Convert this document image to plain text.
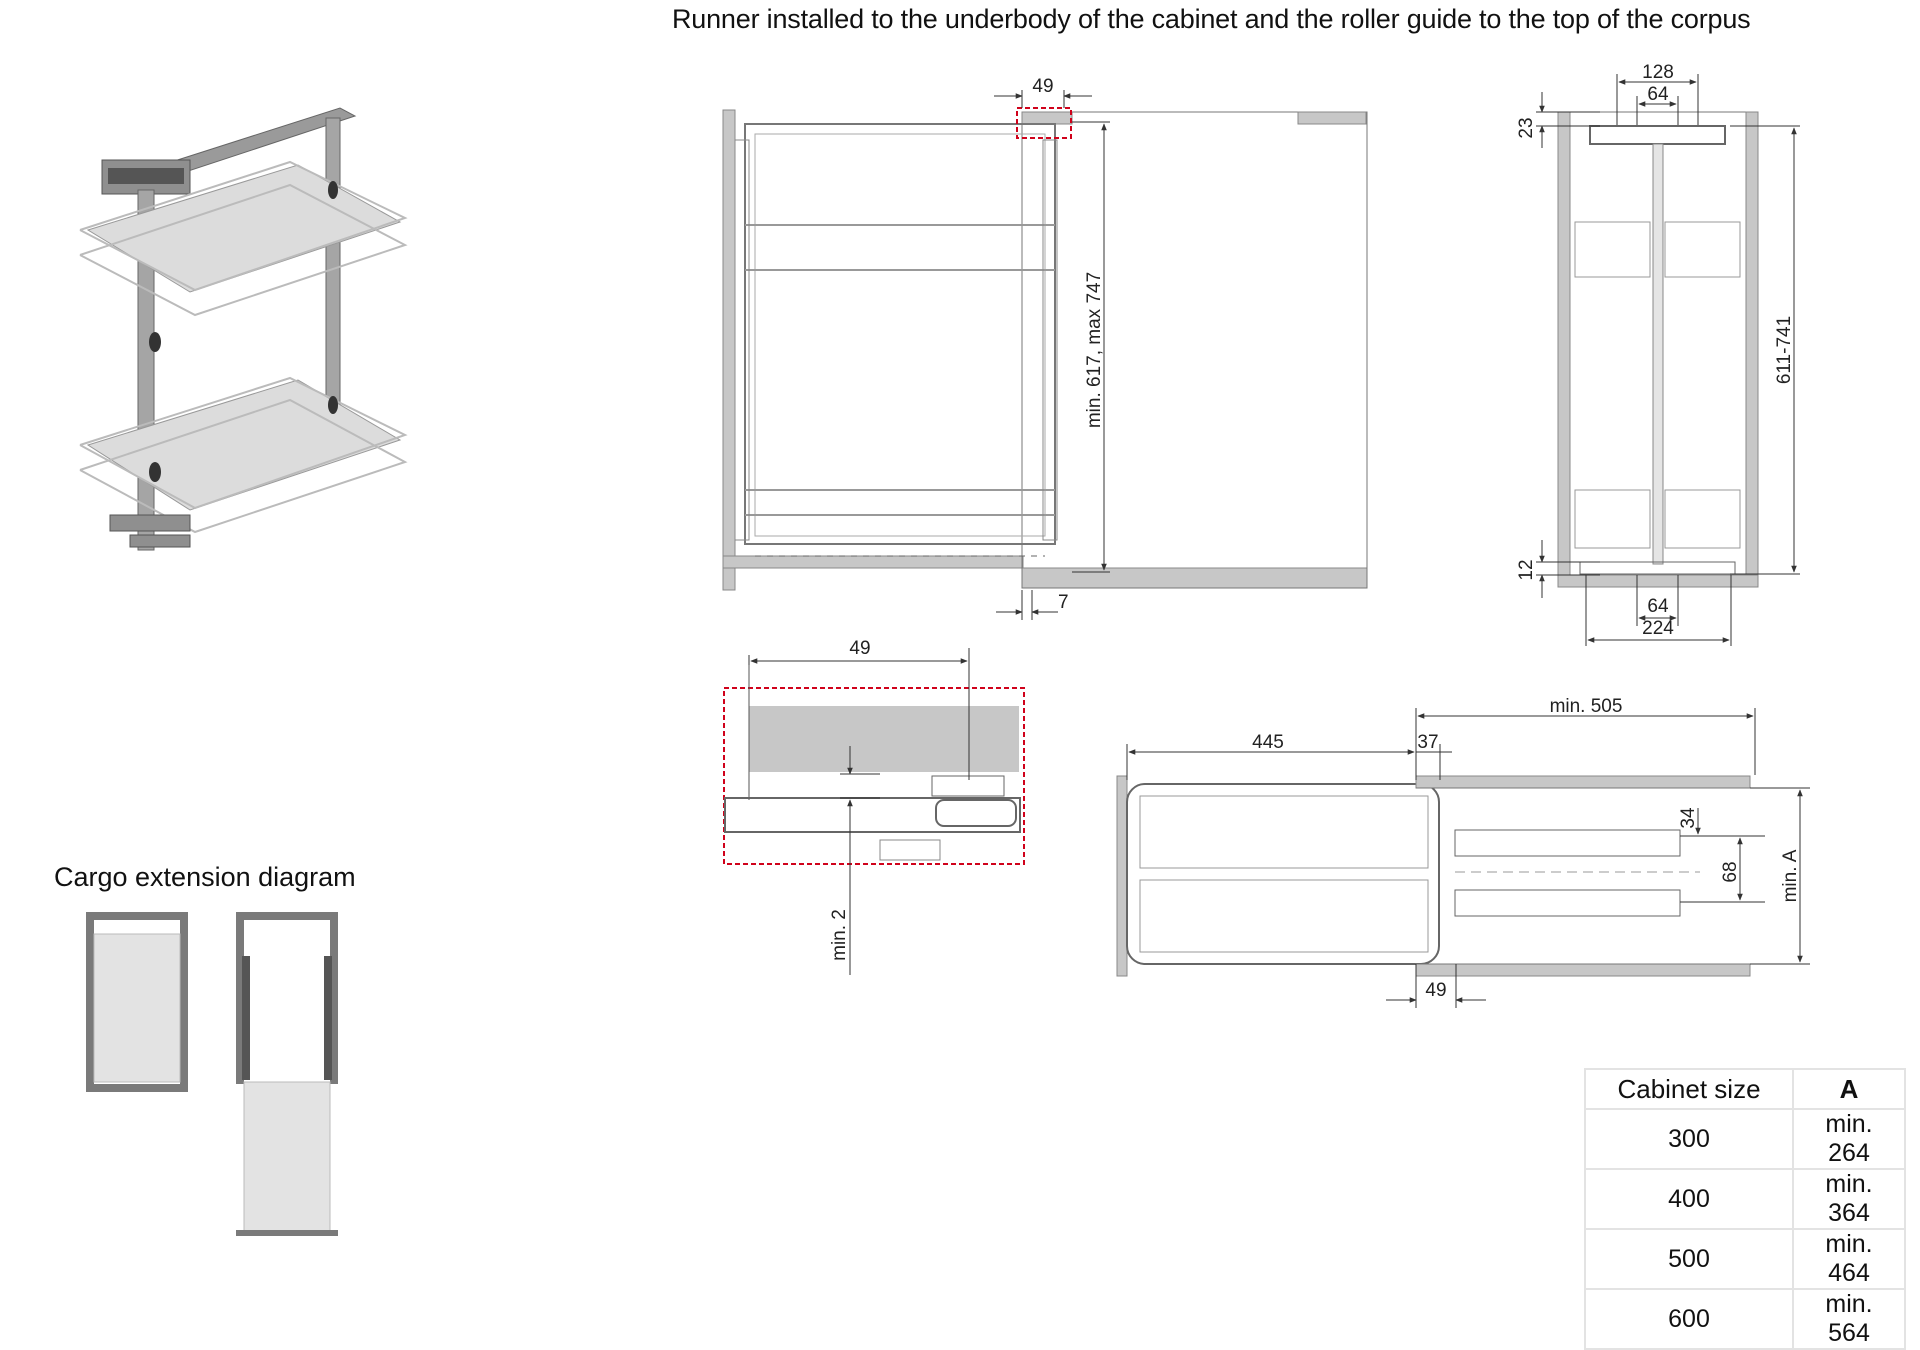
Runner installed to the underbody of the cabinet and the roller guide to the top of the corpus
Cargo extension diagram
49
min. 617, max 747
7
128
64
23
611-741
12
64
224
49
min. 2
445	37
min. 505
34
68 min. A
49
Cabinet size	A
300	min. 264
400	min. 364
500	min. 464
600	min. 564
